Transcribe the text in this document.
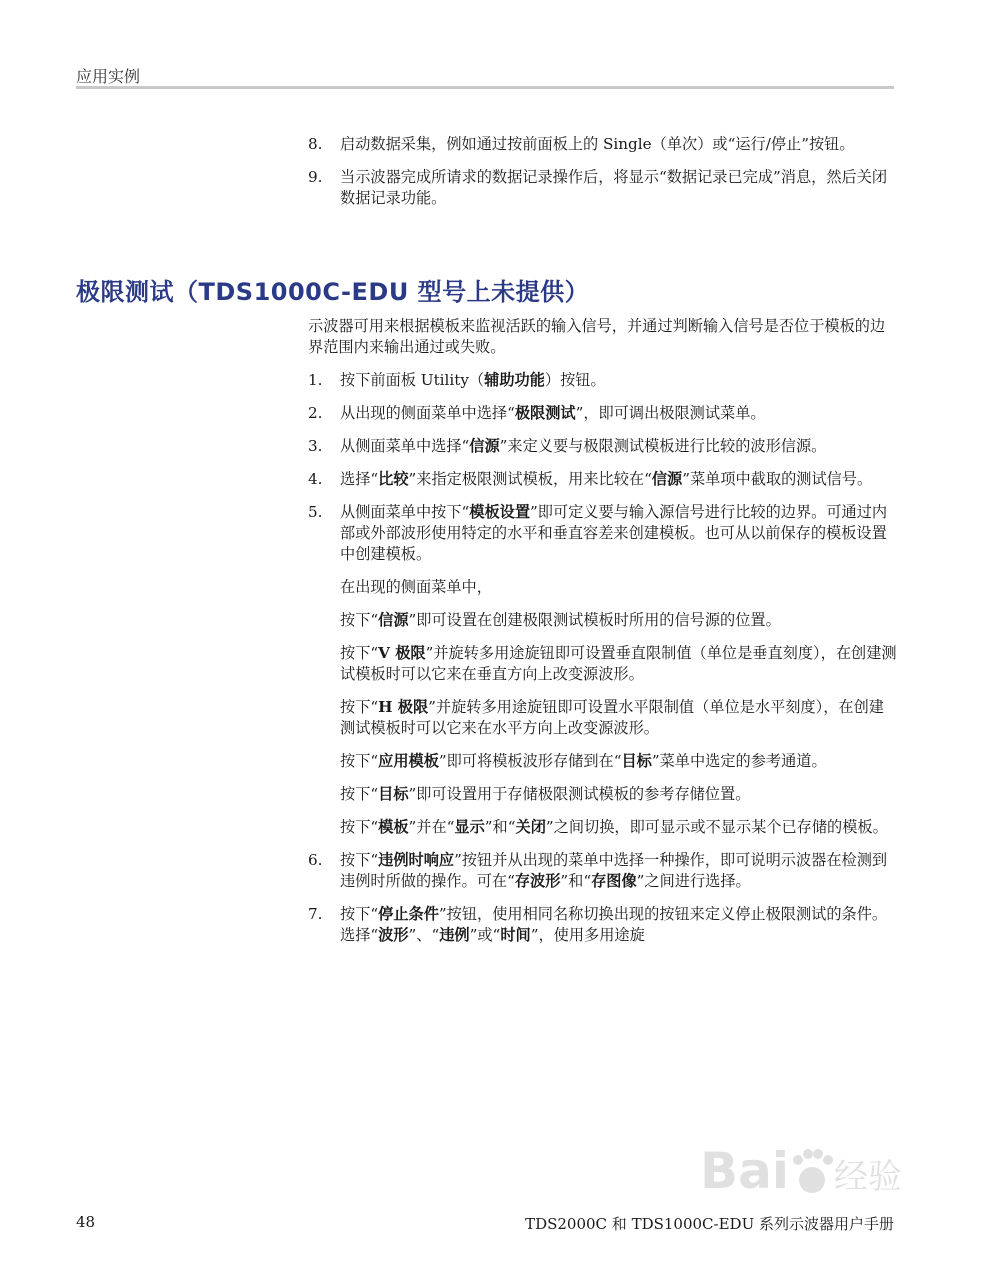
应用实例
8. 启动数据采集，例如通过按前面板上的 Single（单次）或“运行/停止”按钮。
9. 当示波器完成所请求的数据记录操作后，将显示“数据记录已完成”消息，然后关闭数据记录功能。
极限测试（TDS1000C-EDU 型号上未提供）
示波器可用来根据模板来监视活跃的输入信号，并通过判断输入信号是否位于模板的边界范围内来输出通过或失败。
1. 按下前面板 Utility（辅助功能）按钮。
2. 从出现的侧面菜单中选择“极限测试”，即可调出极限测试菜单。
3. 从侧面菜单中选择“信源”来定义要与极限测试模板进行比较的波形信源。
4. 选择“比较”来指定极限测试模板，用来比较在“信源”菜单项中截取的测试信号。
5. 从侧面菜单中按下“模板设置”即可定义要与输入源信号进行比较的边界。可通过内部或外部波形使用特定的水平和垂直容差来创建模板。也可从以前保存的模板设置中创建模板。
在出现的侧面菜单中，
按下“信源”即可设置在创建极限测试模板时所用的信号源的位置。
按下“V 极限”并旋转多用途旋钮即可设置垂直限制值（单位是垂直刻度），在创建测试模板时可以它来在垂直方向上改变源波形。
按下“H 极限”并旋转多用途旋钮即可设置水平限制值（单位是水平刻度），在创建测试模板时可以它来在水平方向上改变源波形。
按下“应用模板”即可将模板波形存储到在“目标”菜单中选定的参考通道。
按下“目标”即可设置用于存储极限测试模板的参考存储位置。
按下“模板”并在“显示”和“关闭”之间切换，即可显示或不显示某个已存储的模板。
6. 按下“违例时响应”按钮并从出现的菜单中选择一种操作，即可说明示波器在检测到违例时所做的操作。可在“存波形”和“存图像”之间进行选择。
7. 按下“停止条件”按钮，使用相同名称切换出现的按钮来定义停止极限测试的条件。选择“波形”、“违例”或“时间”，使用多用途旋
48	TDS2000C 和 TDS1000C-EDU 系列示波器用户手册
Bai 经验
